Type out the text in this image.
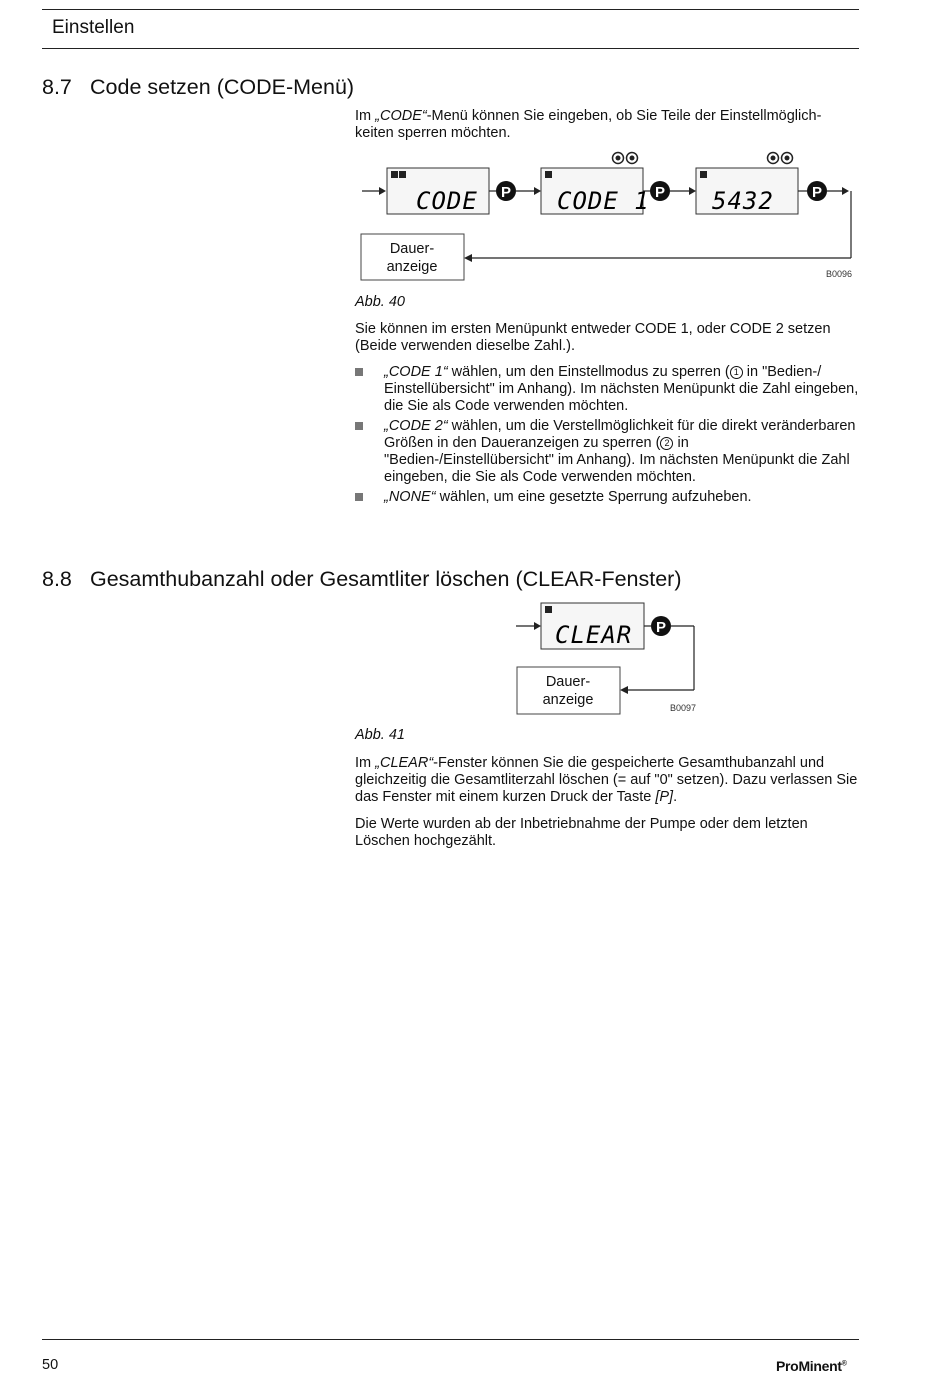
Einstellen
8.7 Code setzen (CODE-Menü)
Im „CODE“-Menü können Sie eingeben, ob Sie Teile der Einstellmöglich-
keiten sperren möchten.
CODE P CODE 1 P 5432	P
Dauer-
anzeige	B0096
Abb. 40
Sie können im ersten Menüpunkt entweder CODE 1, oder CODE 2 setzen (Beide verwenden dieselbe Zahl.).
„CODE 1“ wählen, um den Einstellmodus zu sperren ( 1 in "Bedien-/ Einstellübersicht" im Anhang). Im nächsten Menüpunkt die Zahl eingeben, die Sie als Code verwenden möchten.
„CODE 2“ wählen, um die Verstellmöglichkeit für die direkt veränderbaren Größen in den Daueranzeigen zu sperren ( 2 in "Bedien-/Einstellübersicht" im Anhang). Im nächsten Menüpunkt die Zahl eingeben, die Sie als Code verwenden möchten.
„NONE“ wählen, um eine gesetzte Sperrung aufzuheben.
8.8 Gesamthubanzahl oder Gesamtliter löschen (CLEAR-Fenster)
CLEAR P
Dauer-
anzeige	B0097
Abb. 41
Im „CLEAR“-Fenster können Sie die gespeicherte Gesamthubanzahl und gleichzeitig die Gesamtliterzahl löschen (= auf "0" setzen). Dazu verlassen Sie das Fenster mit einem kurzen Druck der Taste [P].
Die Werte wurden ab der Inbetriebnahme der Pumpe oder dem letzten Löschen hochgezählt.
50	ProMinent®
